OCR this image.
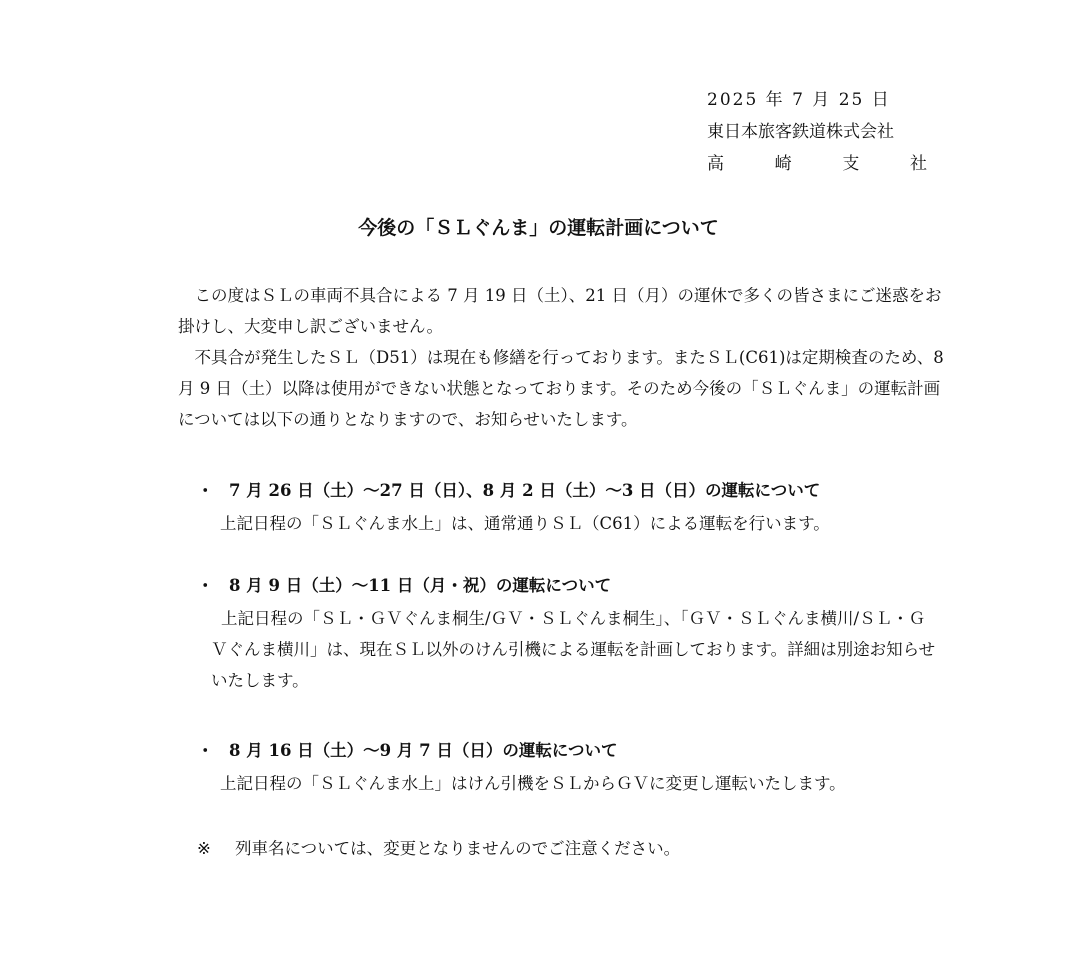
2025 年 7 月 25 日
東日本旅客鉄道株式会社
高	崎	支	社
今後の「ＳＬぐんま」の運転計画について

　この度はＳＬの車両不具合による 7 月 19 日（土）、21 日（月）の運休で多くの皆さまにご迷惑をお掛けし、大変申し訳ございません。

　不具合が発生したＳＬ（D51）は現在も修繕を行っております。またＳＬ(C61)は定期検査のため、8 月 9 日（土）以降は使用ができない状態となっております。そのため今後の「ＳＬぐんま」の運転計画については以下の通りとなりますので、お知らせいたします。

・ 7 月 26 日（土）～27 日（日）、8 月 2 日（土）～3 日（日）の運転について
上記日程の「ＳＬぐんま水上」は、通常通りＳＬ（C61）による運転を行います。
・ 8 月 9 日（土）～11 日（月・祝）の運転について
上記日程の「ＳＬ・ＧＶぐんま桐生/ＧＶ・ＳＬぐんま桐生」、「ＧＶ・ＳＬぐんま横川/ＳＬ・ＧＶぐんま横川」は、現在ＳＬ以外のけん引機による運転を計画しております。詳細は別途お知らせいたします。
・ 8 月 16 日（土）～9 月 7 日（日）の運転について
上記日程の「ＳＬぐんま水上」はけん引機をＳＬからＧＶに変更し運転いたします。
※ 列車名については、変更となりませんのでご注意ください。
